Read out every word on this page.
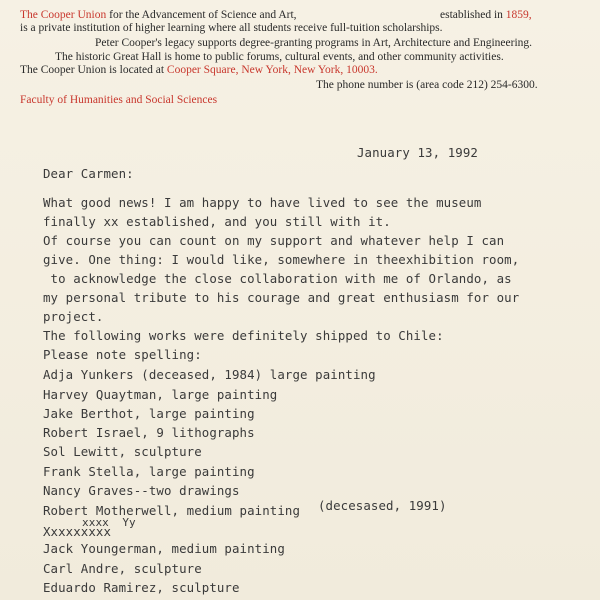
The Cooper Union for the Advancement of Science and Art,	established in 1859,
is a private institution of higher learning where all students receive full-tuition scholarships.
Peter Cooper's legacy supports degree-granting programs in Art, Architecture and Engineering.
The historic Great Hall is home to public forums, cultural events, and other community activities.
The Cooper Union is located at Cooper Square, New York, New York, 10003.
The phone number is (area code 212) 254-6300.
Faculty of Humanities and Social Sciences
January 13, 1992
Dear Carmen:
What good news! I am happy to have lived to see the museum
finally xx established, and you still with it.
Of course you can count on my support and whatever help I can
give. One thing: I would like, somewhere in theexhibition room,
to acknowledge the close collaboration with me of Orlando, as
my personal tribute to his courage and great enthusiasm for our
project.
The following works were definitely shipped to Chile:
Please note spelling:
Adja Yunkers (deceased, 1984) large painting
Harvey Quaytman, large painting
Jake Berthot, large painting
Robert Israel, 9 lithographs
Sol Lewitt, sculpture
Frank Stella, large painting
Nancy Graves--two drawings
Robert Motherwell, medium painting (decesased, 1991)
xxxx  Yy
Xxxxxxxxx
Jack Youngerman, medium painting
Carl Andre, sculpture
Eduardo Ramirez, sculpture
